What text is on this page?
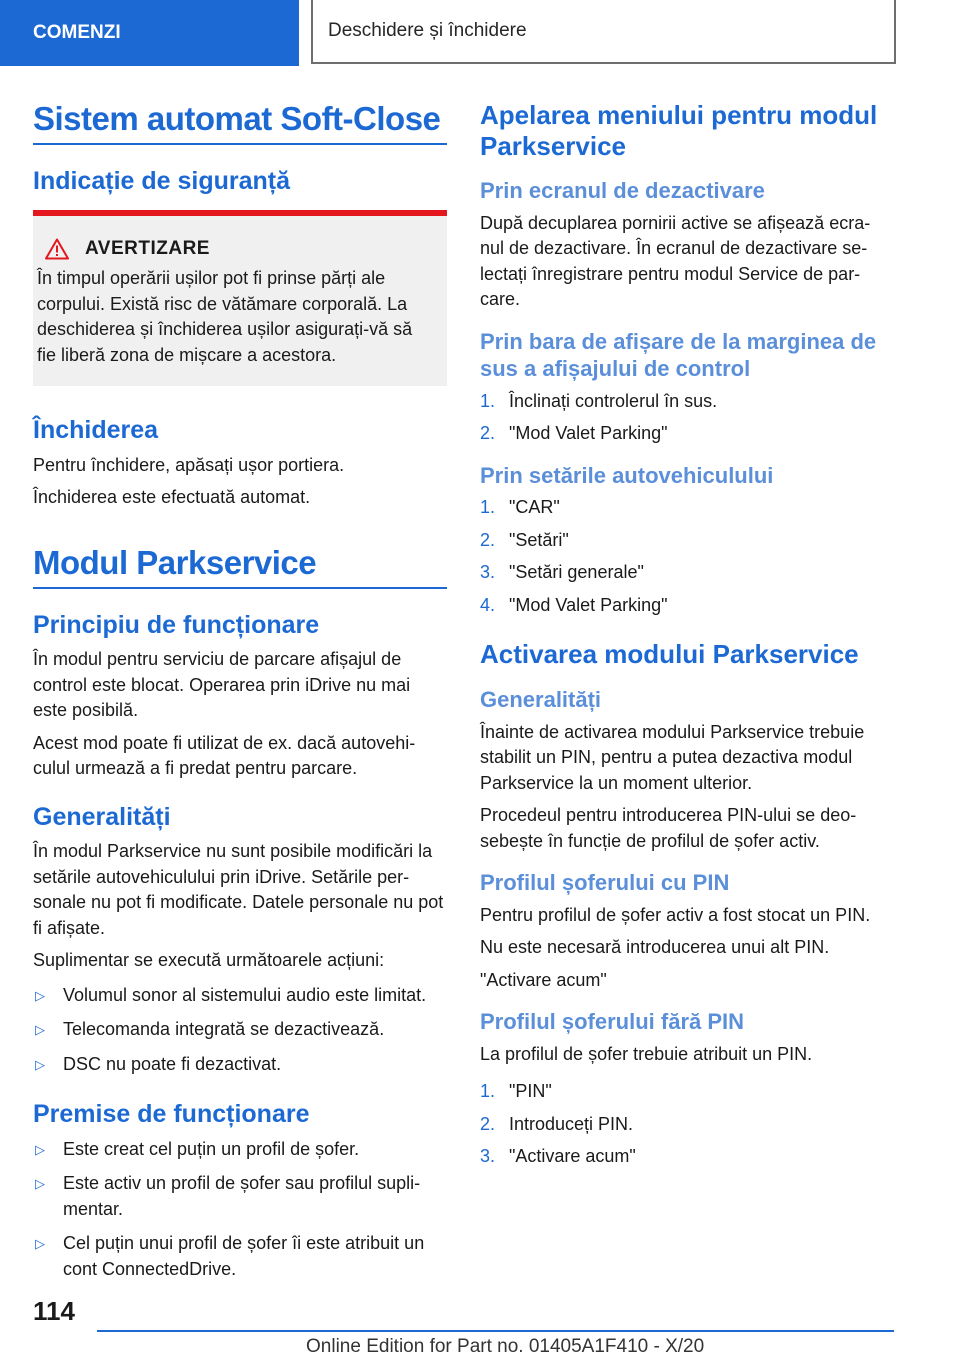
COMENZI	Deschidere și închidere
Sistem automat Soft-Close
Indicație de siguranță
AVERTIZARE

În timpul operării ușilor pot fi prinse părți ale corpului. Există risc de vătămare corporală. La deschiderea și închiderea ușilor asigurați-vă să fie liberă zona de mișcare a acestora.

Închiderea

Pentru închidere, apăsați ușor portiera.

Închiderea este efectuată automat.

Modul Parkservice
Principiu de funcționare

În modul pentru serviciu de parcare afișajul de control este blocat. Operarea prin iDrive nu mai este posibilă.

Acest mod poate fi utilizat de ex. dacă autovehi-culul urmează a fi predat pentru parcare.

Generalități

În modul Parkservice nu sunt posibile modificări la setările autovehiculului prin iDrive. Setările per-sonale nu pot fi modificate. Datele personale nu pot fi afișate.

Suplimentar se execută următoarele acțiuni:

▷	Volumul sonor al sistemului audio este limitat.
▷	Telecomanda integrată se dezactivează.
▷	DSC nu poate fi dezactivat.
Premise de funcționare
▷	Este creat cel puțin un profil de șofer.
▷	Este activ un profil de șofer sau profilul supli-mentar.
▷	Cel puțin unui profil de șofer îi este atribuit un cont ConnectedDrive.
Apelarea meniului pentru modul Parkservice
Prin ecranul de dezactivare

După decuplarea pornirii active se afișează ecra-nul de dezactivare. În ecranul de dezactivare se-lectați înregistrare pentru modul Service de par-care.

Prin bara de afișare de la marginea de sus a afișajului de control
1. Înclinați controlerul în sus.
2. "Mod Valet Parking"
Prin setările autovehiculului
1. "CAR"
2. "Setări"
3. "Setări generale"
4. "Mod Valet Parking"
Activarea modului Parkservice
Generalități

Înainte de activarea modului Parkservice trebuie stabilit un PIN, pentru a putea dezactiva modul Parkservice la un moment ulterior.

Procedeul pentru introducerea PIN-ului se deo-sebește în funcție de profilul de șofer activ.

Profilul șoferului cu PIN

Pentru profilul de șofer activ a fost stocat un PIN.

Nu este necesară introducerea unui alt PIN.

"Activare acum"

Profilul șoferului fără PIN

La profilul de șofer trebuie atribuit un PIN.

1. "PIN"
2. Introduceți PIN.
3. "Activare acum"
114
Online Edition for Part no. 01405A1F410 - X/20
